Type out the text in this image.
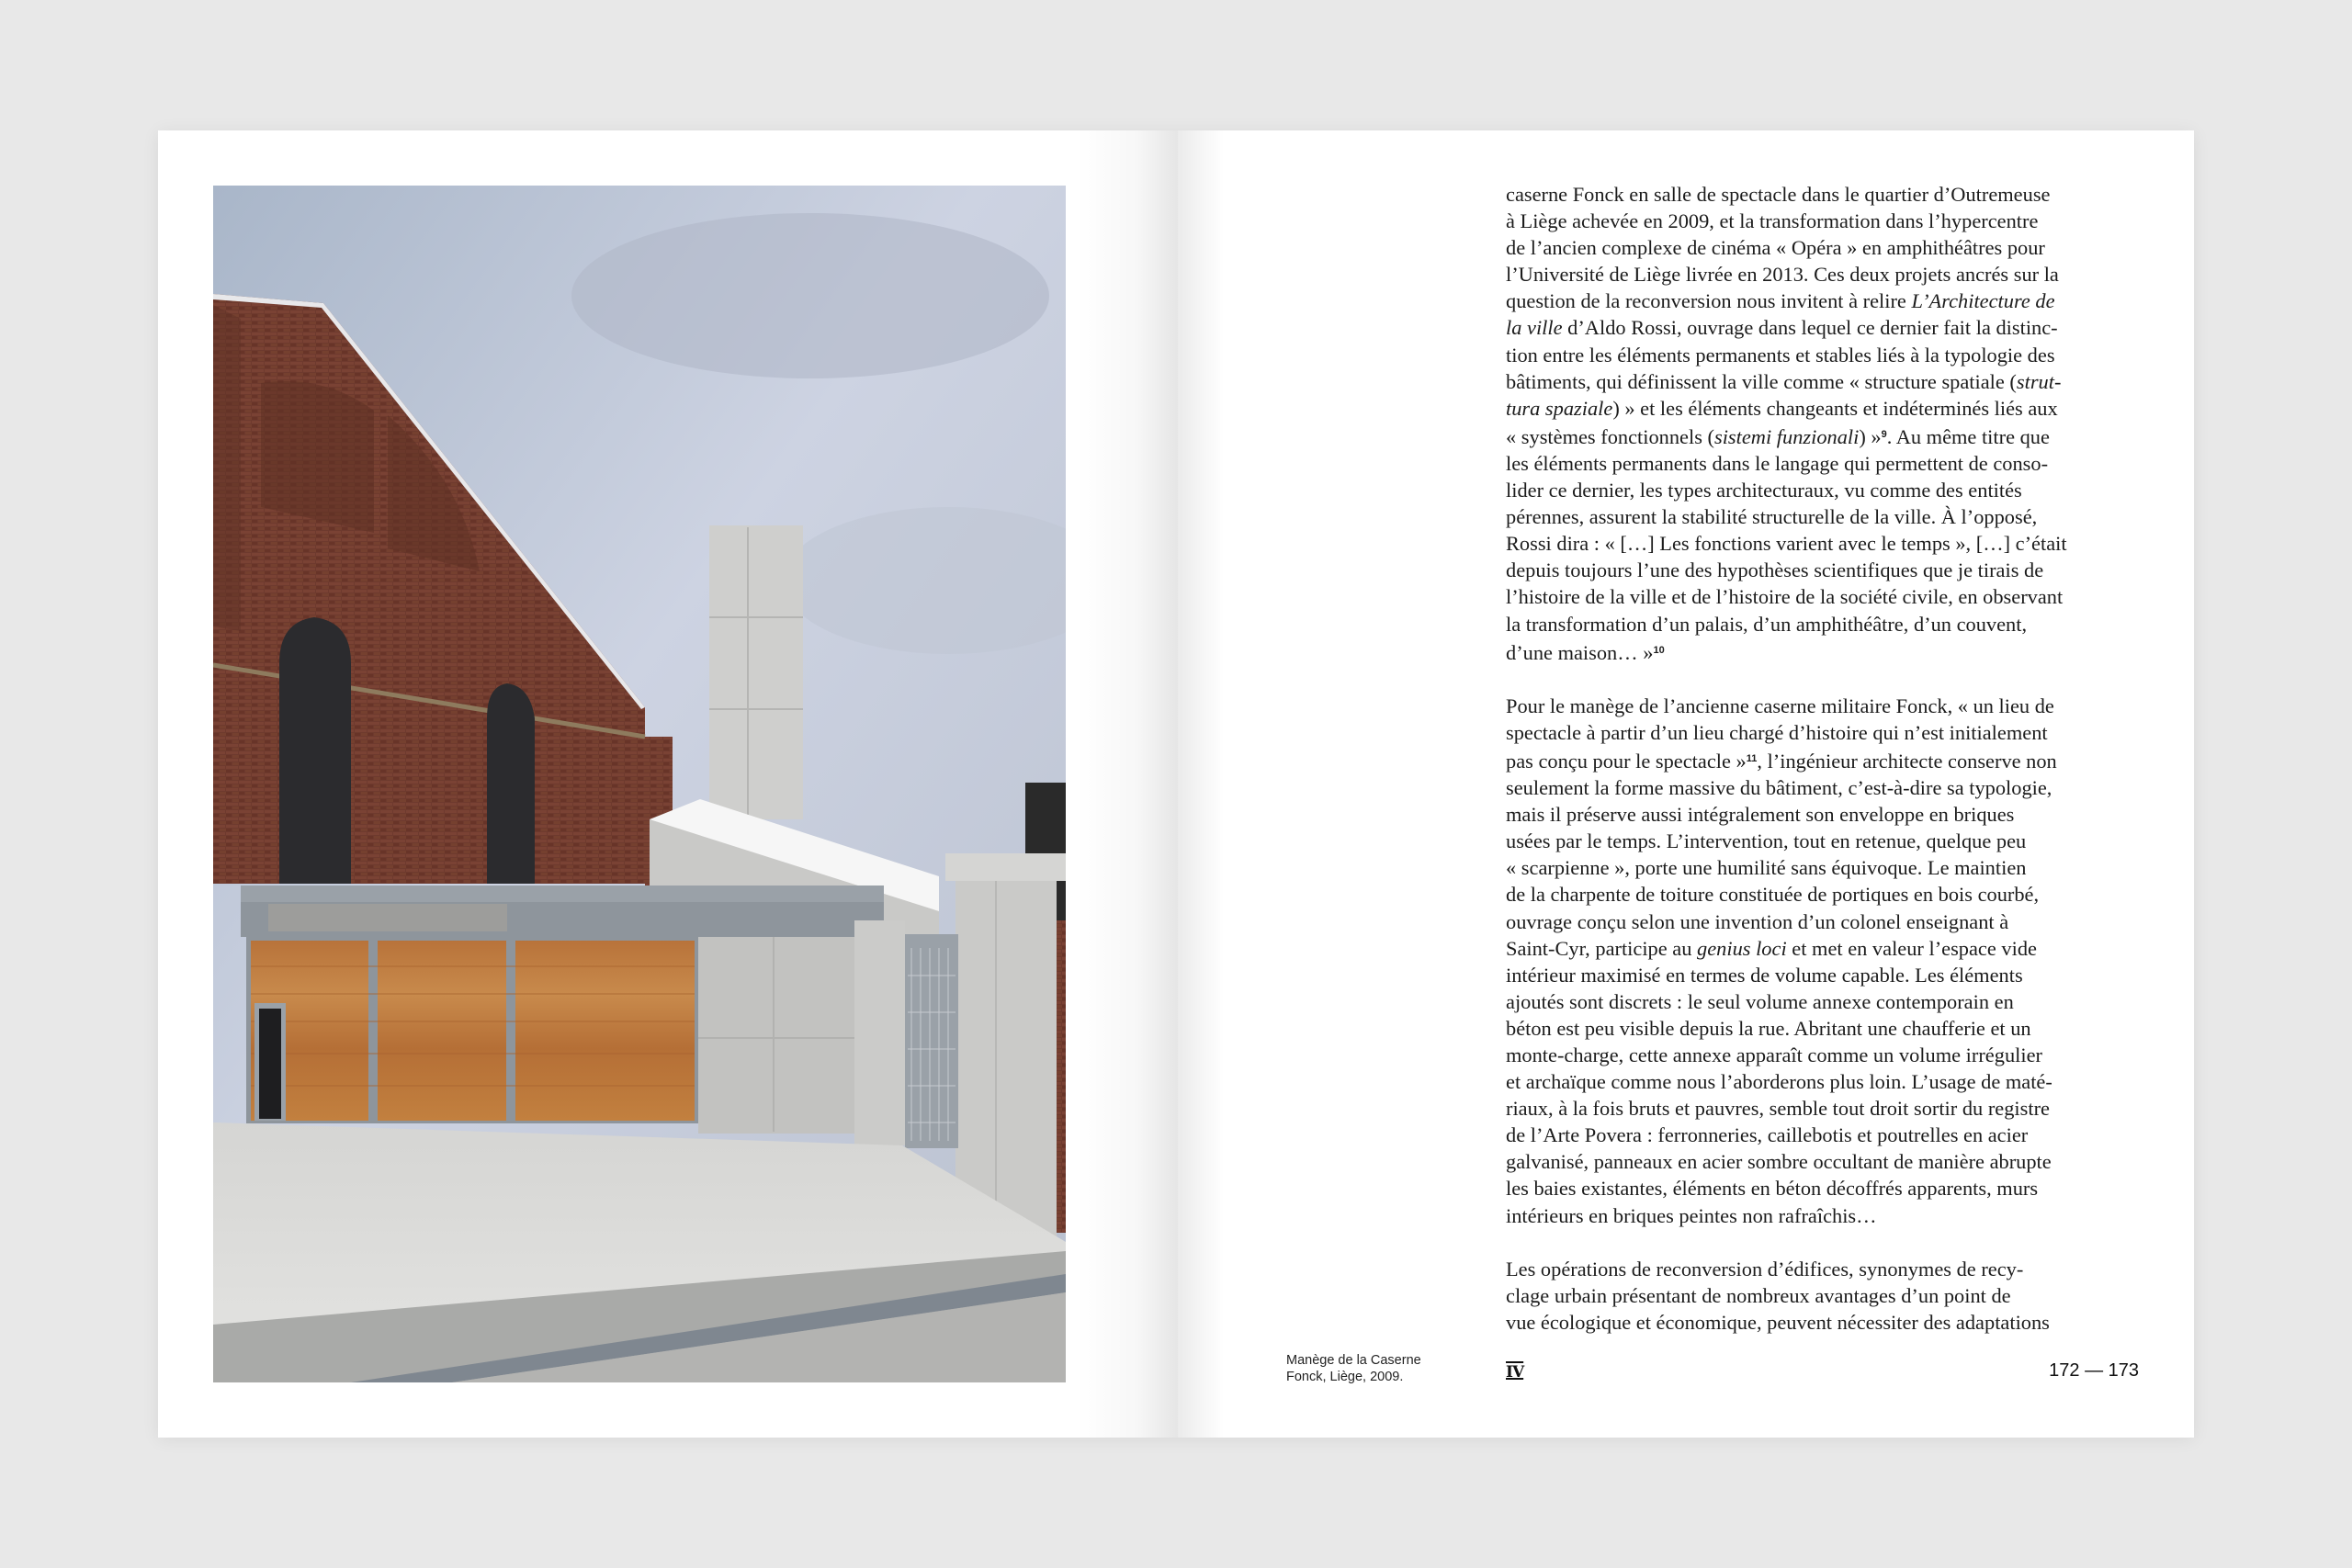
caserne Fonck en salle de spectacle dans le quartier d’Outremeuse
à Liège achevée en 2009, et la transformation dans l’hypercentre
de l’ancien complexe de cinéma « Opéra » en amphithéâtres pour
l’Université de Liège livrée en 2013. Ces deux projets ancrés sur la
question de la reconversion nous invitent à relire L’Architecture de
la ville d’Aldo Rossi, ouvrage dans lequel ce dernier fait la distinc-
tion entre les éléments permanents et stables liés à la typologie des
bâtiments, qui définissent la ville comme « structure spatiale (strut-
tura spaziale) » et les éléments changeants et indéterminés liés aux
« systèmes fonctionnels (sistemi funzionali) »$^9$. Au même titre que
les éléments permanents dans le langage qui permettent de conso-
lider ce dernier, les types architecturaux, vu comme des entités
pérennes, assurent la stabilité structurelle de la ville. À l’opposé,
Rossi dira : « […] Les fonctions varient avec le temps », […] c’était
depuis toujours l’une des hypothèses scientifiques que je tirais de
l’histoire de la ville et de l’histoire de la société civile, en observant
la transformation d’un palais, d’un amphithéâtre, d’un couvent,
d’une maison… »$^{10}$

Pour le manège de l’ancienne caserne militaire Fonck, « un lieu de
spectacle à partir d’un lieu chargé d’histoire qui n’est initialement
pas conçu pour le spectacle »$^{11}$, l’ingénieur architecte conserve non
seulement la forme massive du bâtiment, c’est-à-dire sa typologie,
mais il préserve aussi intégralement son enveloppe en briques
usées par le temps. L’intervention, tout en retenue, quelque peu
« scarpienne », porte une humilité sans équivoque. Le maintien
de la charpente de toiture constituée de portiques en bois courbé,
ouvrage conçu selon une invention d’un colonel enseignant à
Saint-Cyr, participe au genius loci et met en valeur l’espace vide
intérieur maximisé en termes de volume capable. Les éléments
ajoutés sont discrets : le seul volume annexe contemporain en
béton est peu visible depuis la rue. Abritant une chaufferie et un
monte-charge, cette annexe apparaît comme un volume irrégulier
et archaïque comme nous l’aborderons plus loin. L’usage de maté-
riaux, à la fois bruts et pauvres, semble tout droit sortir du registre
de l’Arte Povera : ferronneries, caillebotis et poutrelles en acier
galvanisé, panneaux en acier sombre occultant de manière abrupte
les baies existantes, éléments en béton décoffrés apparents, murs
intérieurs en briques peintes non rafraîchis…

Les opérations de reconversion d’édifices, synonymes de recy-
clage urbain présentant de nombreux avantages d’un point de
vue écologique et économique, peuvent nécessiter des adaptations

Manège de la Caserne
Fonck, Liège, 2009.	IV	172 — 173
